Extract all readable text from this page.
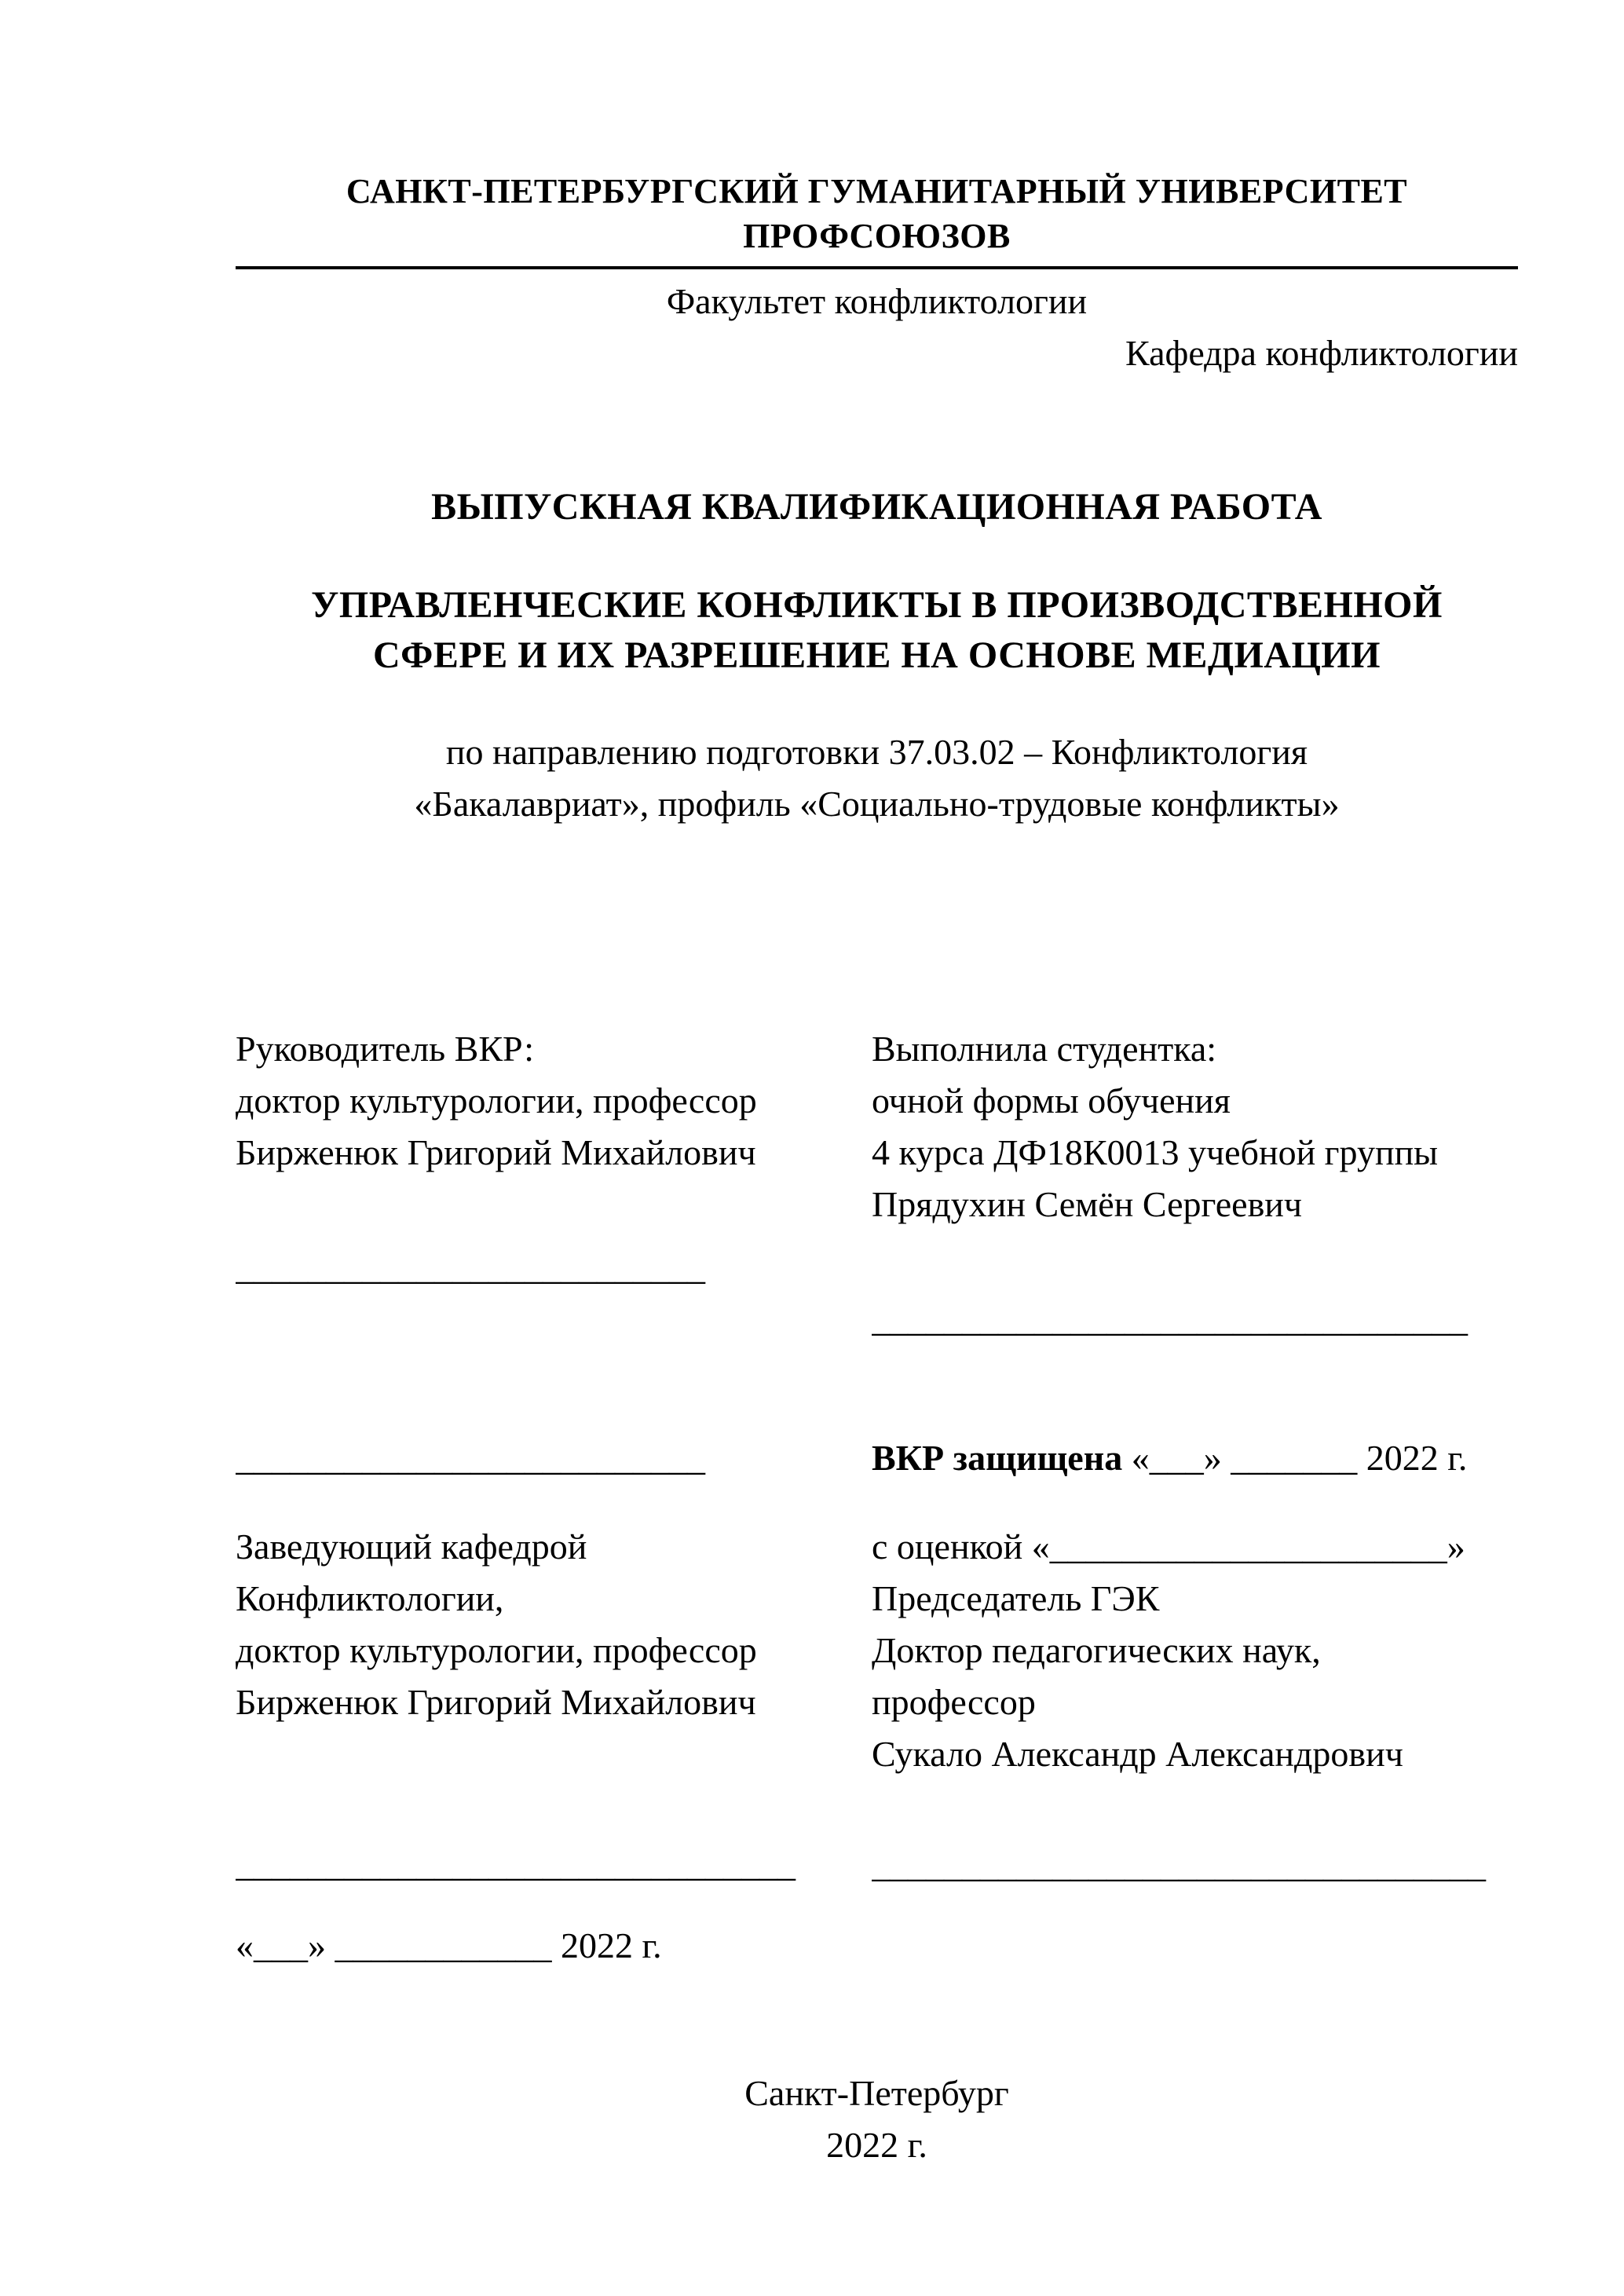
САНКТ-ПЕТЕРБУРГСКИЙ ГУМАНИТАРНЫЙ УНИВЕРСИТЕТ ПРОФСОЮЗОВ
Факультет конфликтологии
Кафедра конфликтологии
ВЫПУСКНАЯ КВАЛИФИКАЦИОННАЯ РАБОТА
УПРАВЛЕНЧЕСКИЕ КОНФЛИКТЫ В ПРОИЗВОДСТВЕННОЙ
СФЕРЕ И ИХ РАЗРЕШЕНИЕ НА ОСНОВЕ МЕДИАЦИИ
по направлению подготовки 37.03.02 – Конфликтология
«Бакалавриат», профиль «Социально-трудовые конфликты»
Руководитель ВКР:
доктор культурологии, профессор
Бирженюк Григорий Михайлович
__________________________
Выполнила студентка:
очной формы обучения
4 курса ДФ18К0013 учебной группы
Прядухин Семён Сергеевич
_________________________________
__________________________
Заведующий кафедрой
Конфликтологии,
доктор культурологии, профессор
Бирженюк Григорий Михайлович
_______________________________
«___» ____________ 2022 г.
ВКР защищена «___» _______ 2022 г.
с оценкой «______________________»
Председатель ГЭК
Доктор педагогических наук,
профессор
Сукало Александр Александрович
__________________________________
Санкт-Петербург
2022 г.
